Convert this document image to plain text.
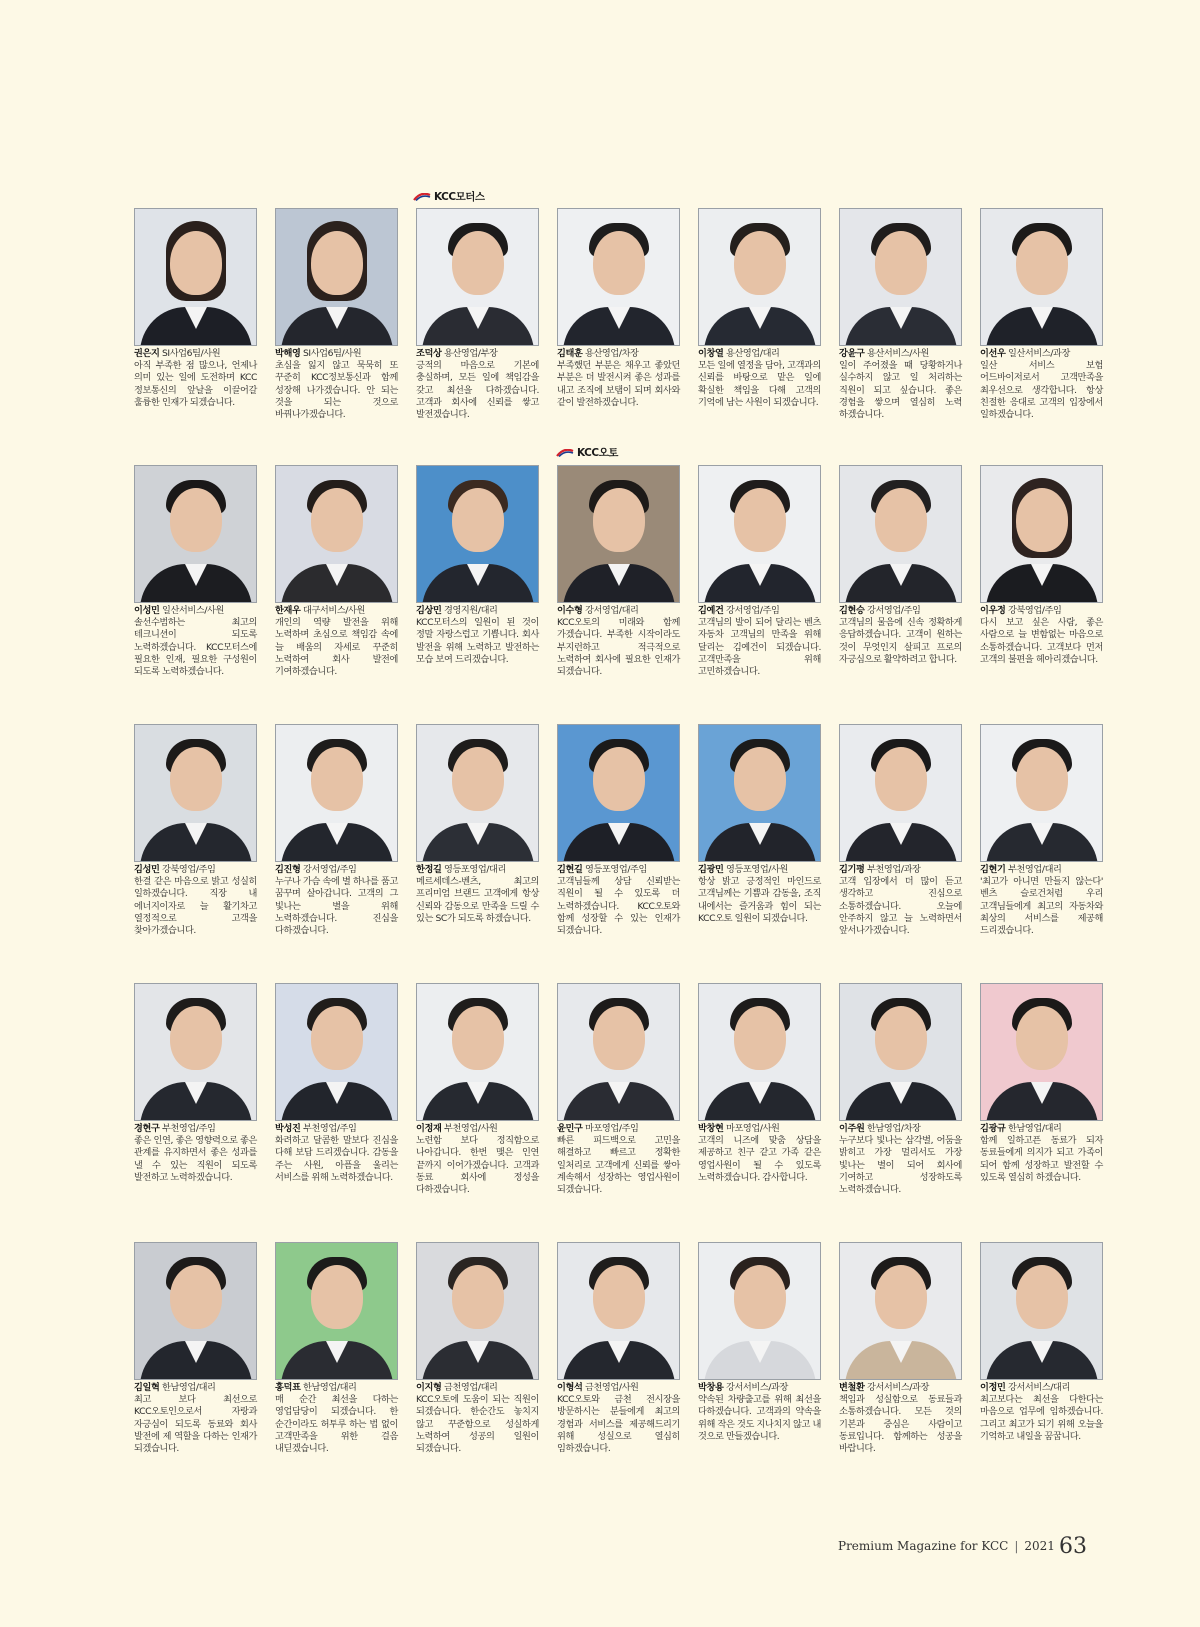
KCC모터스
KCC오토
권은지 SI사업6팀/사원
아직 부족한 점 많으나, 언제나 의미 있는 일에 도전하며 KCC 정보통신의 앞날을 이끌어갈 훌륭한 인재가 되겠습니다.
박해영 SI사업6팀/사원
초심을 잃지 않고 묵묵히 또 꾸준히 KCC정보통신과 함께 성장해 나가겠습니다. 안 되는 것을 되는 것으로 바꿔나가겠습니다.
조덕상 용산영업/부장
긍적의 마음으로 기본에 충실하며, 모든 일에 책임감을 갖고 최선을 다하겠습니다. 고객과 회사에 신뢰를 쌓고 발전겠습니다.
김태훈 용산영업/차장
부족했던 부분은 채우고 좋았던 부분은 더 발전시켜 좋은 성과를 내고 조직에 보탬이 되며 회사와 같이 발전하겠습니다.
이창열 용산영업/대리
모든 일에 열정을 담아, 고객과의 신뢰를 바탕으로 맡은 일에 확실한 책임을 다해 고객의 기억에 남는 사원이 되겠습니다.
강윤구 용산서비스/사원
일이 주어졌을 때 당황하거나 실수하지 않고 일 처리하는 직원이 되고 싶습니다. 좋은 경험을 쌓으며 열심히 노력 하겠습니다.
이선우 일산서비스/과장
일산 서비스 보험 어드바이저로서 고객만족을 최우선으로 생각합니다. 항상 친절한 응대로 고객의 입장에서 일하겠습니다.
이성민 일산서비스/사원
솔선수범하는 최고의 테크니션이 되도록 노력하겠습니다. KCC모터스에 필요한 인재, 필요한 구성원이 되도록 노력하겠습니다.
한재우 대구서비스/사원
개인의 역량 발전을 위해 노력하며 초심으로 책임감 속에 늘 배움의 자세로 꾸준히 노력하여 회사 발전에 기여하겠습니다.
김상민 경영지원/대리
KCC모터스의 일원이 된 것이 정말 자랑스럽고 기쁩니다. 회사 발전을 위해 노력하고 발전하는 모습 보여 드리겠습니다.
이수형 강서영업/대리
KCC오토의 미래와 함께 가겠습니다. 부족한 시작이라도 부지런하고 적극적으로 노력하여 회사에 필요한 인재가 되겠습니다.
김예건 강서영업/주임
고객님의 발이 되어 달리는 벤츠 자동차 고객님의 만족을 위해 달리는 김예건이 되겠습니다. 고객만족을 위해 고민하겠습니다.
김현승 강서영업/주임
고객님의 물음에 신속 정확하게 응답하겠습니다. 고객이 원하는 것이 무엇인지 살피고 프로의 자긍심으로 활약하려고 합니다.
이우정 강북영업/주임
다시 보고 싶은 사람, 좋은 사람으로 늘 변함없는 마음으로 소통하겠습니다. 고객보다 먼저 고객의 불편을 헤아리겠습니다.
김성민 강북영업/주임
한결 같은 마음으로 밝고 성실히 일하겠습니다. 직장 내 에너지이자로 늘 활기차고 열정적으로 고객을 찾아가겠습니다.
김진형 강서영업/주임
누구나 가슴 속에 별 하나를 품고 꿈꾸며 살아갑니다. 고객의 그 빛나는 별을 위해 노력하겠습니다. 진심을 다하겠습니다.
한정길 영등포영업/대리
메르세데스-벤츠, 최고의 프리미엄 브랜드 고객에게 항상 신뢰와 감동으로 만족을 드릴 수 있는 SC가 되도록 하겠습니다.
김현길 영등포영업/주임
고객님들께 상담 신뢰받는 직원이 될 수 있도록 더 노력하겠습니다. KCC오토와 함께 성장할 수 있는 인재가 되겠습니다.
김광민 영등포영업/사원
항상 밝고 긍정적인 마인드로 고객님께는 기쁨과 감동을, 조직 내에서는 즐거움과 힘이 되는 KCC오토 일원이 되겠습니다.
김기평 부천영업/과장
고객 입장에서 더 많이 듣고 생각하고 진심으로 소통하겠습니다. 오늘에 안주하지 않고 늘 노력하면서 앞서나가겠습니다.
김현기 부천영업/대리
'최고가 아니면 만들지 않는다' 벤츠 슬로건처럼 우리 고객님들에게 최고의 자동차와 최상의 서비스를 제공해 드리겠습니다.
경현구 부천영업/주임
좋은 인연, 좋은 영향력으로 좋은 관계를 유지하면서 좋은 성과를 낼 수 있는 직원이 되도록 발전하고 노력하겠습니다.
박성진 부천영업/주임
화려하고 달콤한 말보다 진심을 다해 보답 드리겠습니다. 감동을 주는 사원, 아픔을 울리는 서비스를 위해 노력하겠습니다.
이정재 부천영업/사원
노련함 보다 정직함으로 나아갑니다. 한번 맺은 인연 끝까지 이어가겠습니다. 고객과 동료 회사에 정성을 다하겠습니다.
윤민구 마포영업/주임
빠른 피드백으로 고민을 해결하고 빠르고 정확한 일처리로 고객에게 신뢰를 쌓아 계속해서 성장하는 영업사원이 되겠습니다.
박창현 마포영업/사원
고객의 니즈에 맞춤 상담을 제공하고 친구 같고 가족 같은 영업사원이 될 수 있도록 노력하겠습니다. 감사합니다.
이주원 한남영업/차장
누구보다 빛나는 삼각별, 어둠을 밝히고 가장 멀리서도 가장 빛나는 별이 되어 회사에 기여하고 성장하도록 노력하겠습니다.
김광규 한남영업/대리
함께 일하고픈 동료가 되자 동료들에게 의지가 되고 가족이 되어 함께 성장하고 발전할 수 있도록 열심히 하겠습니다.
김일혁 한남영업/대리
최고 보다 최선으로 KCC오토인으로서 자랑과 자긍심이 되도록 동료와 회사 발전에 제 역할을 다하는 인재가 되겠습니다.
홍덕표 한남영업/대리
매 순간 최선을 다하는 영업담당이 되겠습니다. 한 순간이라도 허투루 하는 법 없이 고객만족을 위한 걸음 내딛겠습니다.
이지형 금천영업/대리
KCC오토에 도움이 되는 직원이 되겠습니다. 한순간도 놓치지 않고 꾸준함으로 성실하게 노력하여 성공의 일원이 되겠습니다.
이형석 금천영업/사원
KCC오토와 금천 전시장을 방문하시는 분들에게 최고의 경험과 서비스를 제공해드리기 위해 성실으로 열심히 임하겠습니다.
박창용 강서서비스/과장
약속된 차량출고를 위해 최선을 다하겠습니다. 고객과의 약속을 위해 작은 것도 지나치지 않고 내 것으로 만들겠습니다.
변철환 강서서비스/과장
책임과 성실함으로 동료들과 소통하겠습니다. 모든 것의 기본과 중심은 사람이고 동료입니다. 함께하는 성공을 바랍니다.
이정민 강서서비스/대리
최고보다는 최선을 다한다는 마음으로 업무에 임하겠습니다. 그리고 최고가 되기 위해 오늘을 기억하고 내일을 꿈꿉니다.
Premium Magazine for KCC | 2021 63
